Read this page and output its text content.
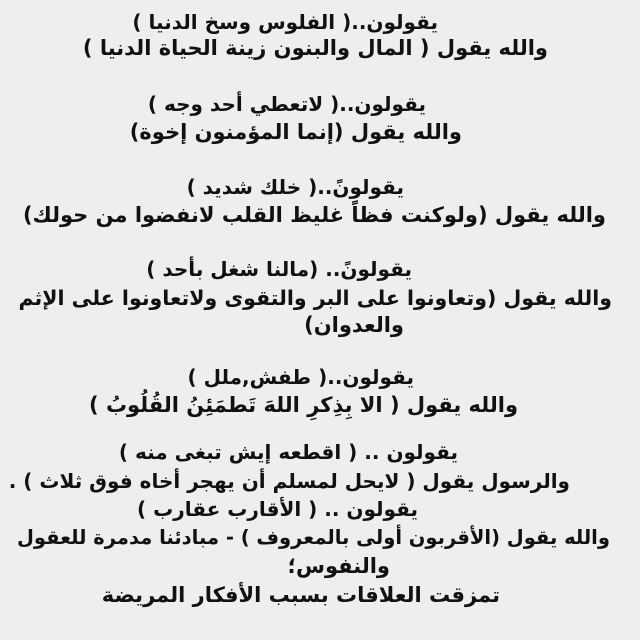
يقولون..( الفلوس وسخ الدنيا )
والله يقول ( المال والبنون زينة الحياة الدنيا )
يقولون..( لاتعطي أحد وجه )
والله يقول (إنما المؤمنون إخوة)
يقولونً..( خلك شديد )
والله يقول (ولوكنت فظاً غليظ القلب لانفضوا من حولك)
يقولونً.. (مالنا شغل بأحد )
والله يقول (وتعاونوا على البر والتقوى ولاتعاونوا على الإثم
والعدوان)
يقولون..( طفش,ملل )
والله يقول ( الا بِذِكرِ اللهَ تَطمَئِنُ القُلُوبُ )
يقولون .. ( اقطعه إيش تبغى منه )
والرسول يقول ( لايحل لمسلم أن يهجر أخاه فوق ثلاث ) .
يقولون .. ( الأقارب عقارب )
والله يقول (الأقربون أولى بالمعروف ) - مبادئنا مدمرة للعقول
والنفوس؛
تمزقت العلاقات بسبب الأفكار المريضة
